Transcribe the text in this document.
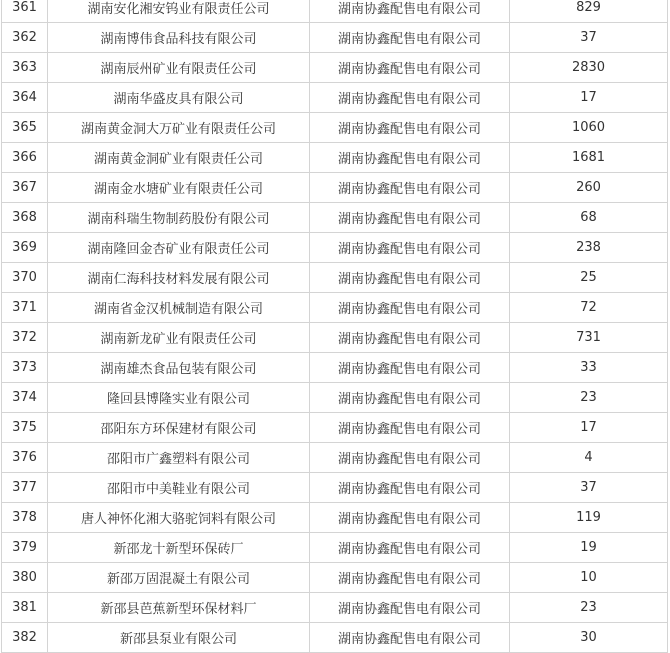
361	湖南安化湘安钨业有限责任公司	湖南协鑫配售电有限公司	829
362	湖南博伟食品科技有限公司	湖南协鑫配售电有限公司	37
363	湖南辰州矿业有限责任公司	湖南协鑫配售电有限公司	2830
364	湖南华盛皮具有限公司	湖南协鑫配售电有限公司	17
365	湖南黄金洞大万矿业有限责任公司	湖南协鑫配售电有限公司	1060
366	湖南黄金洞矿业有限责任公司	湖南协鑫配售电有限公司	1681
367	湖南金水塘矿业有限责任公司	湖南协鑫配售电有限公司	260
368	湖南科瑞生物制药股份有限公司	湖南协鑫配售电有限公司	68
369	湖南隆回金杏矿业有限责任公司	湖南协鑫配售电有限公司	238
370	湖南仁海科技材料发展有限公司	湖南协鑫配售电有限公司	25
371	湖南省金汉机械制造有限公司	湖南协鑫配售电有限公司	72
372	湖南新龙矿业有限责任公司	湖南协鑫配售电有限公司	731
373	湖南雄杰食品包装有限公司	湖南协鑫配售电有限公司	33
374	隆回县博隆实业有限公司	湖南协鑫配售电有限公司	23
375	邵阳东方环保建材有限公司	湖南协鑫配售电有限公司	17
376	邵阳市广鑫塑料有限公司	湖南协鑫配售电有限公司	4
377	邵阳市中美鞋业有限公司	湖南协鑫配售电有限公司	37
378	唐人神怀化湘大骆驼饲料有限公司	湖南协鑫配售电有限公司	119
379	新邵龙十新型环保砖厂	湖南协鑫配售电有限公司	19
380	新邵万固混凝土有限公司	湖南协鑫配售电有限公司	10
381	新邵县芭蕉新型环保材料厂	湖南协鑫配售电有限公司	23
382	新邵县泵业有限公司	湖南协鑫配售电有限公司	30
